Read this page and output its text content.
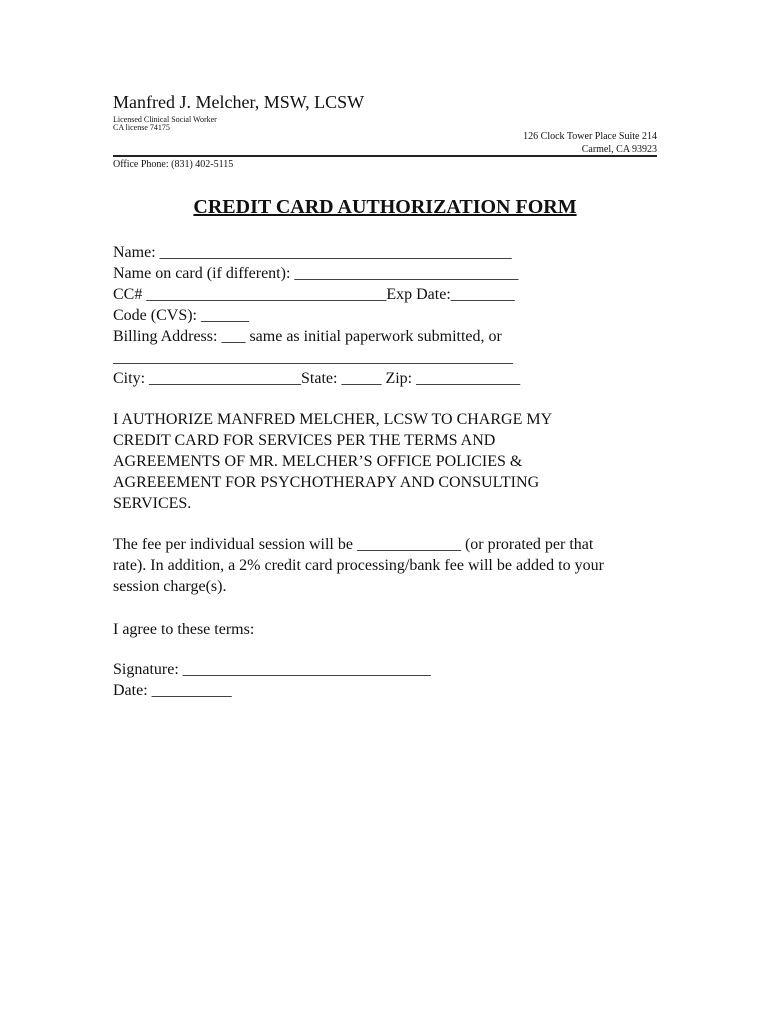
Manfred J. Melcher, MSW, LCSW
Licensed Clinical Social Worker
CA license 74175
126 Clock Tower Place Suite 214
Carmel, CA 93923
Office Phone: (831) 402-5115
CREDIT CARD AUTHORIZATION FORM
Name: ____________________________________________
Name on card (if different): ____________________________
CC# ______________________________Exp Date:________
Code (CVS): ______
Billing Address: ___ same as initial paperwork submitted, or
__________________________________________________
City: ___________________State: _____ Zip: _____________
I AUTHORIZE MANFRED MELCHER, LCSW TO CHARGE MY
CREDIT CARD FOR SERVICES PER THE TERMS AND
AGREEMENTS OF MR. MELCHER’S OFFICE POLICIES &
AGREEEMENT FOR PSYCHOTHERAPY AND CONSULTING
SERVICES.
The fee per individual session will be _____________ (or prorated per that
rate). In addition, a 2% credit card processing/bank fee will be added to your
session charge(s).
I agree to these terms:
Signature: _______________________________
Date: __________
